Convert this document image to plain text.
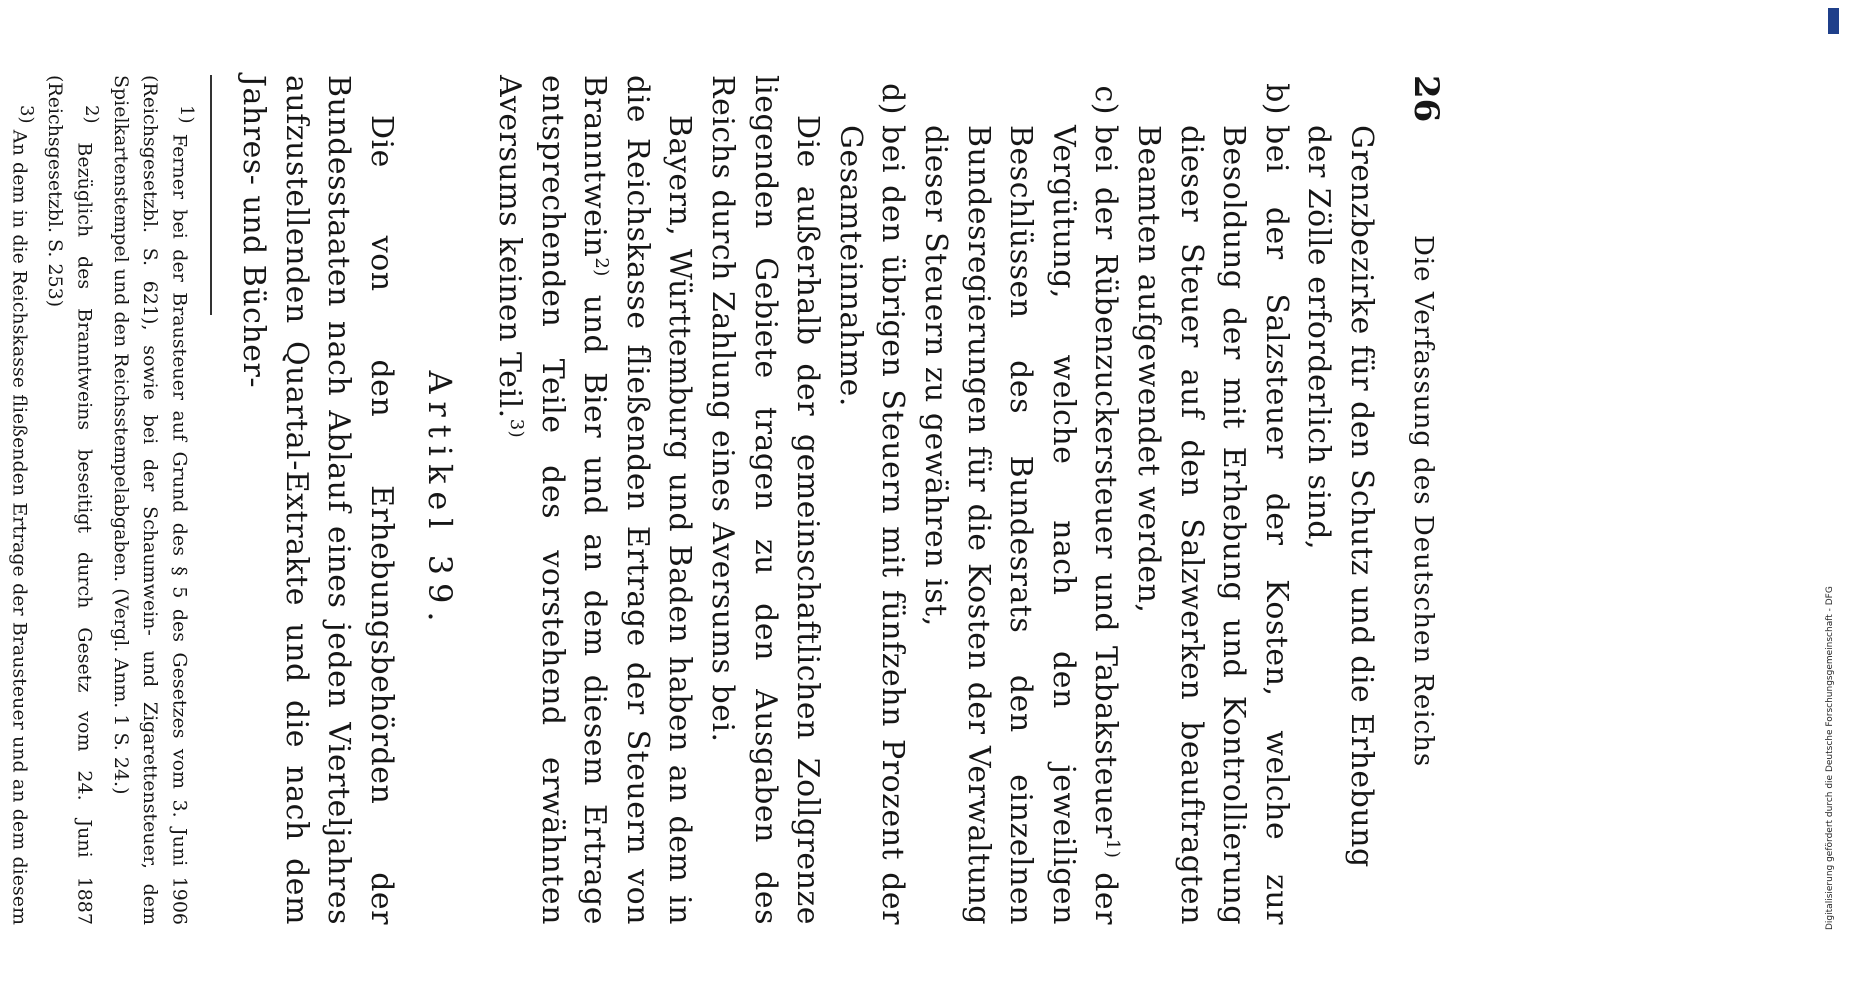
26
Die Verfassung des Deutschen Reichs

Grenzbezirke für den Schutz und die Erhebung
der Zölle erforderlich sind,

b)
bei der Salzsteuer der Kosten, welche zur Besoldung der mit Erhebung und Kontrollierung dieser Steuer auf den Salzwerken beauftragten Beamten aufgewendet werden,
c)
bei der Rübenzuckersteuer und Tabaksteuer$^{1)}$ der Vergütung, welche nach den jeweiligen Beschlüssen des Bundesrats den einzelnen Bundesregierungen für die Kosten der Verwaltung dieser Steuern zu gewähren ist,
d)
bei den übrigen Steuern mit fünfzehn Prozent der Gesamteinnahme.

Die außerhalb der gemeinschaftlichen Zollgrenze liegenden Gebiete tragen zu den Ausgaben des Reichs durch Zahlung eines Aversums bei.

Bayern, Württemburg und Baden haben an dem in die Reichskasse fließenden Ertrage der Steuern von Branntwein$^{2)}$ und Bier und an dem diesem Ertrage entsprechenden Teile des vorstehend erwähnten Aversums keinen Teil.$^{3)}$

Artikel 39.

Die von den Erhebungsbehörden der Bundesstaaten nach Ablauf eines jeden Vierteljahres aufzustellenden Quartal-Extrakte und die nach dem Jahres- und Bücher-

$^{1)}$ Ferner bei der Brausteuer auf Grund des § 5 des Gesetzes vom 3. Juni 1906 (Reichsgesetzbl. S. 621), sowie bei der Schaumwein- und Zigarettensteuer, dem Spielkartenstempel und den Reichsstempelabgaben. (Vergl. Anm. 1 S. 24.)

$^{2)}$ Bezüglich des Branntweins beseitigt durch Gesetz vom 24. Juni 1887 (Reichsgesetzbl. S. 253)

$^{3)}$ An dem in die Reichskasse fließenden Ertrage der Brausteuer und an dem diesem	Digitalisierung gefördert durch die Deutsche Forschungsgemeinschaft - DFG
